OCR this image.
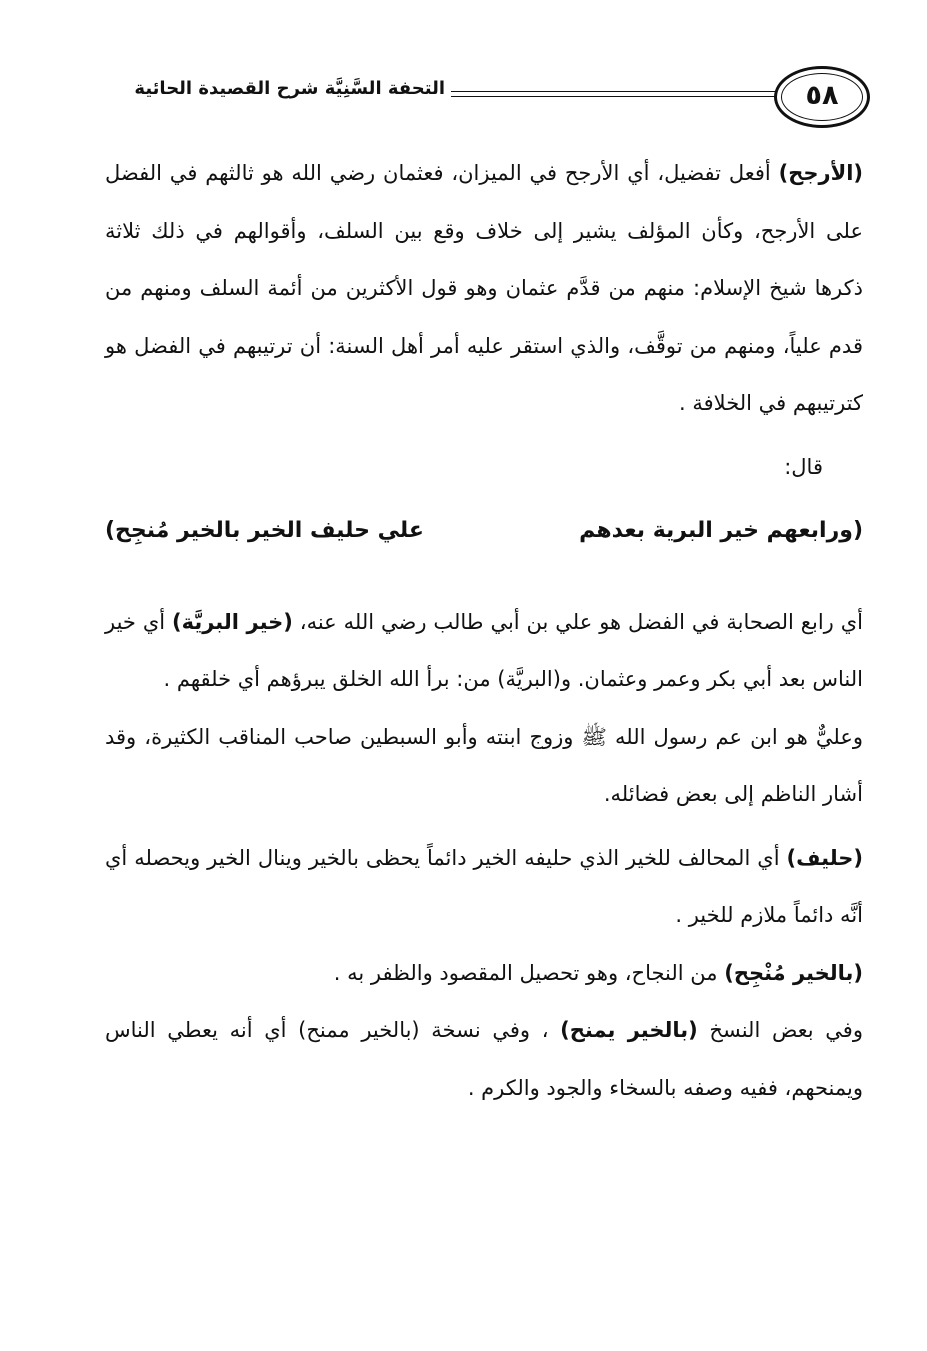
٥٨
التحفة السَّنِيَّة شرح القصيدة الحائية

(الأرجح) أفعل تفضيل، أي الأرجح في الميزان، فعثمان رضي الله هو ثالثهم في الفضل على الأرجح، وكأن المؤلف يشير إلى خلاف وقع بين السلف، وأقوالهم في ذلك ثلاثة ذكرها شيخ الإسلام: منهم من قدَّم عثمان وهو قول الأكثرين من أئمة السلف ومنهم من قدم علياً، ومنهم من توقَّف، والذي استقر عليه أمر أهل السنة: أن ترتيبهم في الفضل هو كترتيبهم في الخلافة .

قال:
(ورابعهم خير البرية بعدهم
علي حليف الخير بالخير مُنجِح)

أي رابع الصحابة في الفضل هو علي بن أبي طالب رضي الله عنه، (خير البريَّة) أي خير الناس بعد أبي بكر وعمر وعثمان. و(البريَّة) من: برأ الله الخلق يبرؤهم أي خلقهم .

وعليٌّ هو ابن عم رسول الله ﷺ وزوج ابنته وأبو السبطين صاحب المناقب الكثيرة، وقد أشار الناظم إلى بعض فضائله.

(حليف) أي المحالف للخير الذي حليفه الخير دائماً يحظى بالخير وينال الخير ويحصله أي أنَّه دائماً ملازم للخير .

(بالخير مُنْجِح) من النجاح، وهو تحصيل المقصود والظفر به .

وفي بعض النسخ (بالخير يمنح) ، وفي نسخة (بالخير ممنح) أي أنه يعطي الناس ويمنحهم، ففيه وصفه بالسخاء والجود والكرم .
